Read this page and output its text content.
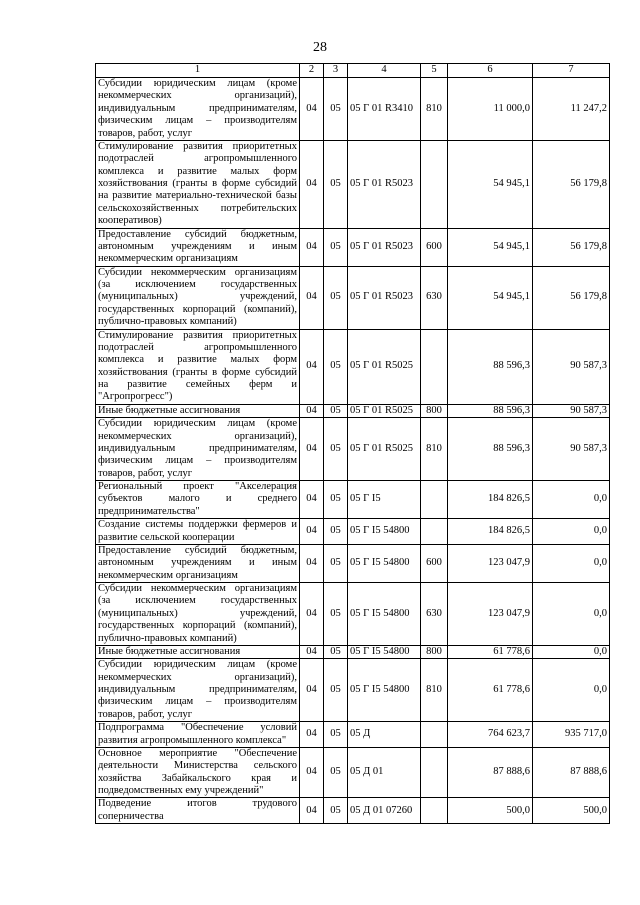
28
1	2	3	4	5	6	7
Субсидии юридическим лицам (кроме некоммерческих организаций), индивидуальным предпринимателям, физическим лицам – производителям товаров, работ, услуг	04	05	05 Г 01 R3410	810	11 000,0	11 247,2
Стимулирование развития приоритетных подотраслей агропромышленного комплекса и развитие малых форм хозяйствования (гранты в форме субсидий на развитие материально-технической базы сельскохозяйственных потребительских кооперативов)	04	05	05 Г 01 R5023		54 945,1	56 179,8
Предоставление субсидий бюджетным, автономным учреждениям и иным некоммерческим организациям	04	05	05 Г 01 R5023	600	54 945,1	56 179,8
Субсидии некоммерческим организациям (за исключением государственных (муниципальных) учреждений, государственных корпораций (компаний), публично-правовых компаний)	04	05	05 Г 01 R5023	630	54 945,1	56 179,8
Стимулирование развития приоритетных подотраслей агропромышленного комплекса и развитие малых форм хозяйствования (гранты в форме субсидий на развитие семейных ферм и "Агропрогресс")	04	05	05 Г 01 R5025		88 596,3	90 587,3
Иные бюджетные ассигнования	04	05	05 Г 01 R5025	800	88 596,3	90 587,3
Субсидии юридическим лицам (кроме некоммерческих организаций), индивидуальным предпринимателям, физическим лицам – производителям товаров, работ, услуг	04	05	05 Г 01 R5025	810	88 596,3	90 587,3
Региональный проект "Акселерация субъектов малого и среднего предпринимательства"	04	05	05 Г I5		184 826,5	0,0
Создание системы поддержки фермеров и развитие сельской кооперации	04	05	05 Г I5 54800		184 826,5	0,0
Предоставление субсидий бюджетным, автономным учреждениям и иным некоммерческим организациям	04	05	05 Г I5 54800	600	123 047,9	0,0
Субсидии некоммерческим организациям (за исключением государственных (муниципальных) учреждений, государственных корпораций (компаний), публично-правовых компаний)	04	05	05 Г I5 54800	630	123 047,9	0,0
Иные бюджетные ассигнования	04	05	05 Г I5 54800	800	61 778,6	0,0
Субсидии юридическим лицам (кроме некоммерческих организаций), индивидуальным предпринимателям, физическим лицам – производителям товаров, работ, услуг	04	05	05 Г I5 54800	810	61 778,6	0,0
Подпрограмма "Обеспечение условий развития агропромышленного комплекса"	04	05	05 Д		764 623,7	935 717,0
Основное мероприятие "Обеспечение деятельности Министерства сельского хозяйства Забайкальского края и подведомственных ему учреждений"	04	05	05 Д 01		87 888,6	87 888,6
Подведение итогов трудового соперничества	04	05	05 Д 01 07260		500,0	500,0
